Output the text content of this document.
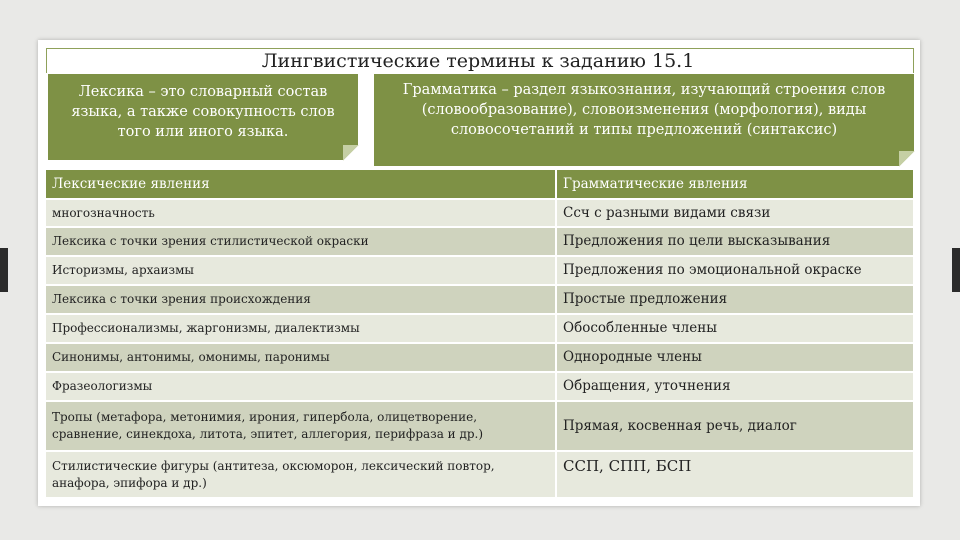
Лингвистические термины к заданию 15.1
Лексика – это словарный состав языка, а также совокупность слов того или иного языка.
Грамматика – раздел языкознания, изучающий строения слов (словообразование), словоизменения (морфология), виды словосочетаний и типы предложений (синтаксис)
Лексические явления	Грамматические явления
многозначность	Ссч с разными видами связи
Лексика с точки зрения стилистической окраски	Предложения по цели высказывания
Историзмы, архаизмы	Предложения по эмоциональной окраске
Лексика с точки зрения происхождения	Простые предложения
Профессионализмы, жаргонизмы, диалектизмы	Обособленные члены
Синонимы, антонимы, омонимы, паронимы	Однородные члены
Фразеологизмы	Обращения, уточнения
Тропы (метафора, метонимия, ирония, гипербола, олицетворение, сравнение, синекдоха, литота, эпитет, аллегория, перифраза и др.)	Прямая, косвенная речь, диалог
Стилистические фигуры (антитеза, оксюморон, лексический повтор, анафора, эпифора и др.)	ССП, СПП, БСП
